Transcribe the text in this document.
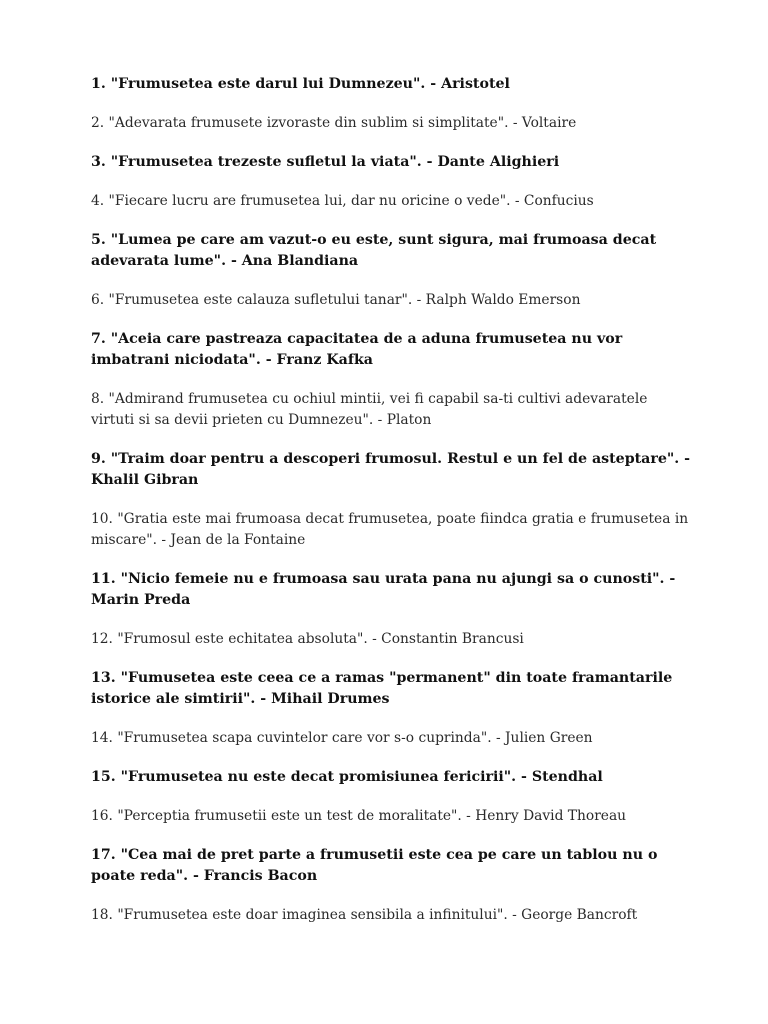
1. "Frumusetea este darul lui Dumnezeu". - Aristotel

2. "Adevarata frumusete izvoraste din sublim si simplitate". - Voltaire

3. "Frumusetea trezeste sufletul la viata". - Dante Alighieri

4. "Fiecare lucru are frumusetea lui, dar nu oricine o vede". - Confucius

5. "Lumea pe care am vazut-o eu este, sunt sigura, mai frumoasa decat adevarata lume". - Ana Blandiana

6. "Frumusetea este calauza sufletului tanar". - Ralph Waldo Emerson

7. "Aceia care pastreaza capacitatea de a aduna frumusetea nu vor imbatrani niciodata". - Franz Kafka

8. "Admirand frumusetea cu ochiul mintii, vei fi capabil sa-ti cultivi adevaratele virtuti si sa devii prieten cu Dumnezeu". - Platon

9. "Traim doar pentru a descoperi frumosul. Restul e un fel de asteptare". - Khalil Gibran

10. "Gratia este mai frumoasa decat frumusetea, poate fiindca gratia e frumusetea in miscare". - Jean de la Fontaine

11. "Nicio femeie nu e frumoasa sau urata pana nu ajungi sa o cunosti". - Marin Preda

12. "Frumosul este echitatea absoluta". - Constantin Brancusi

13. "Fumusetea este ceea ce a ramas "permanent" din toate framantarile istorice ale simtirii". - Mihail Drumes

14. "Frumusetea scapa cuvintelor care vor s-o cuprinda". - Julien Green

15. "Frumusetea nu este decat promisiunea fericirii". - Stendhal

16. "Perceptia frumusetii este un test de moralitate". - Henry David Thoreau

17. "Cea mai de pret parte a frumusetii este cea pe care un tablou nu o poate reda". - Francis Bacon

18. "Frumusetea este doar imaginea sensibila a infinitului". - George Bancroft
